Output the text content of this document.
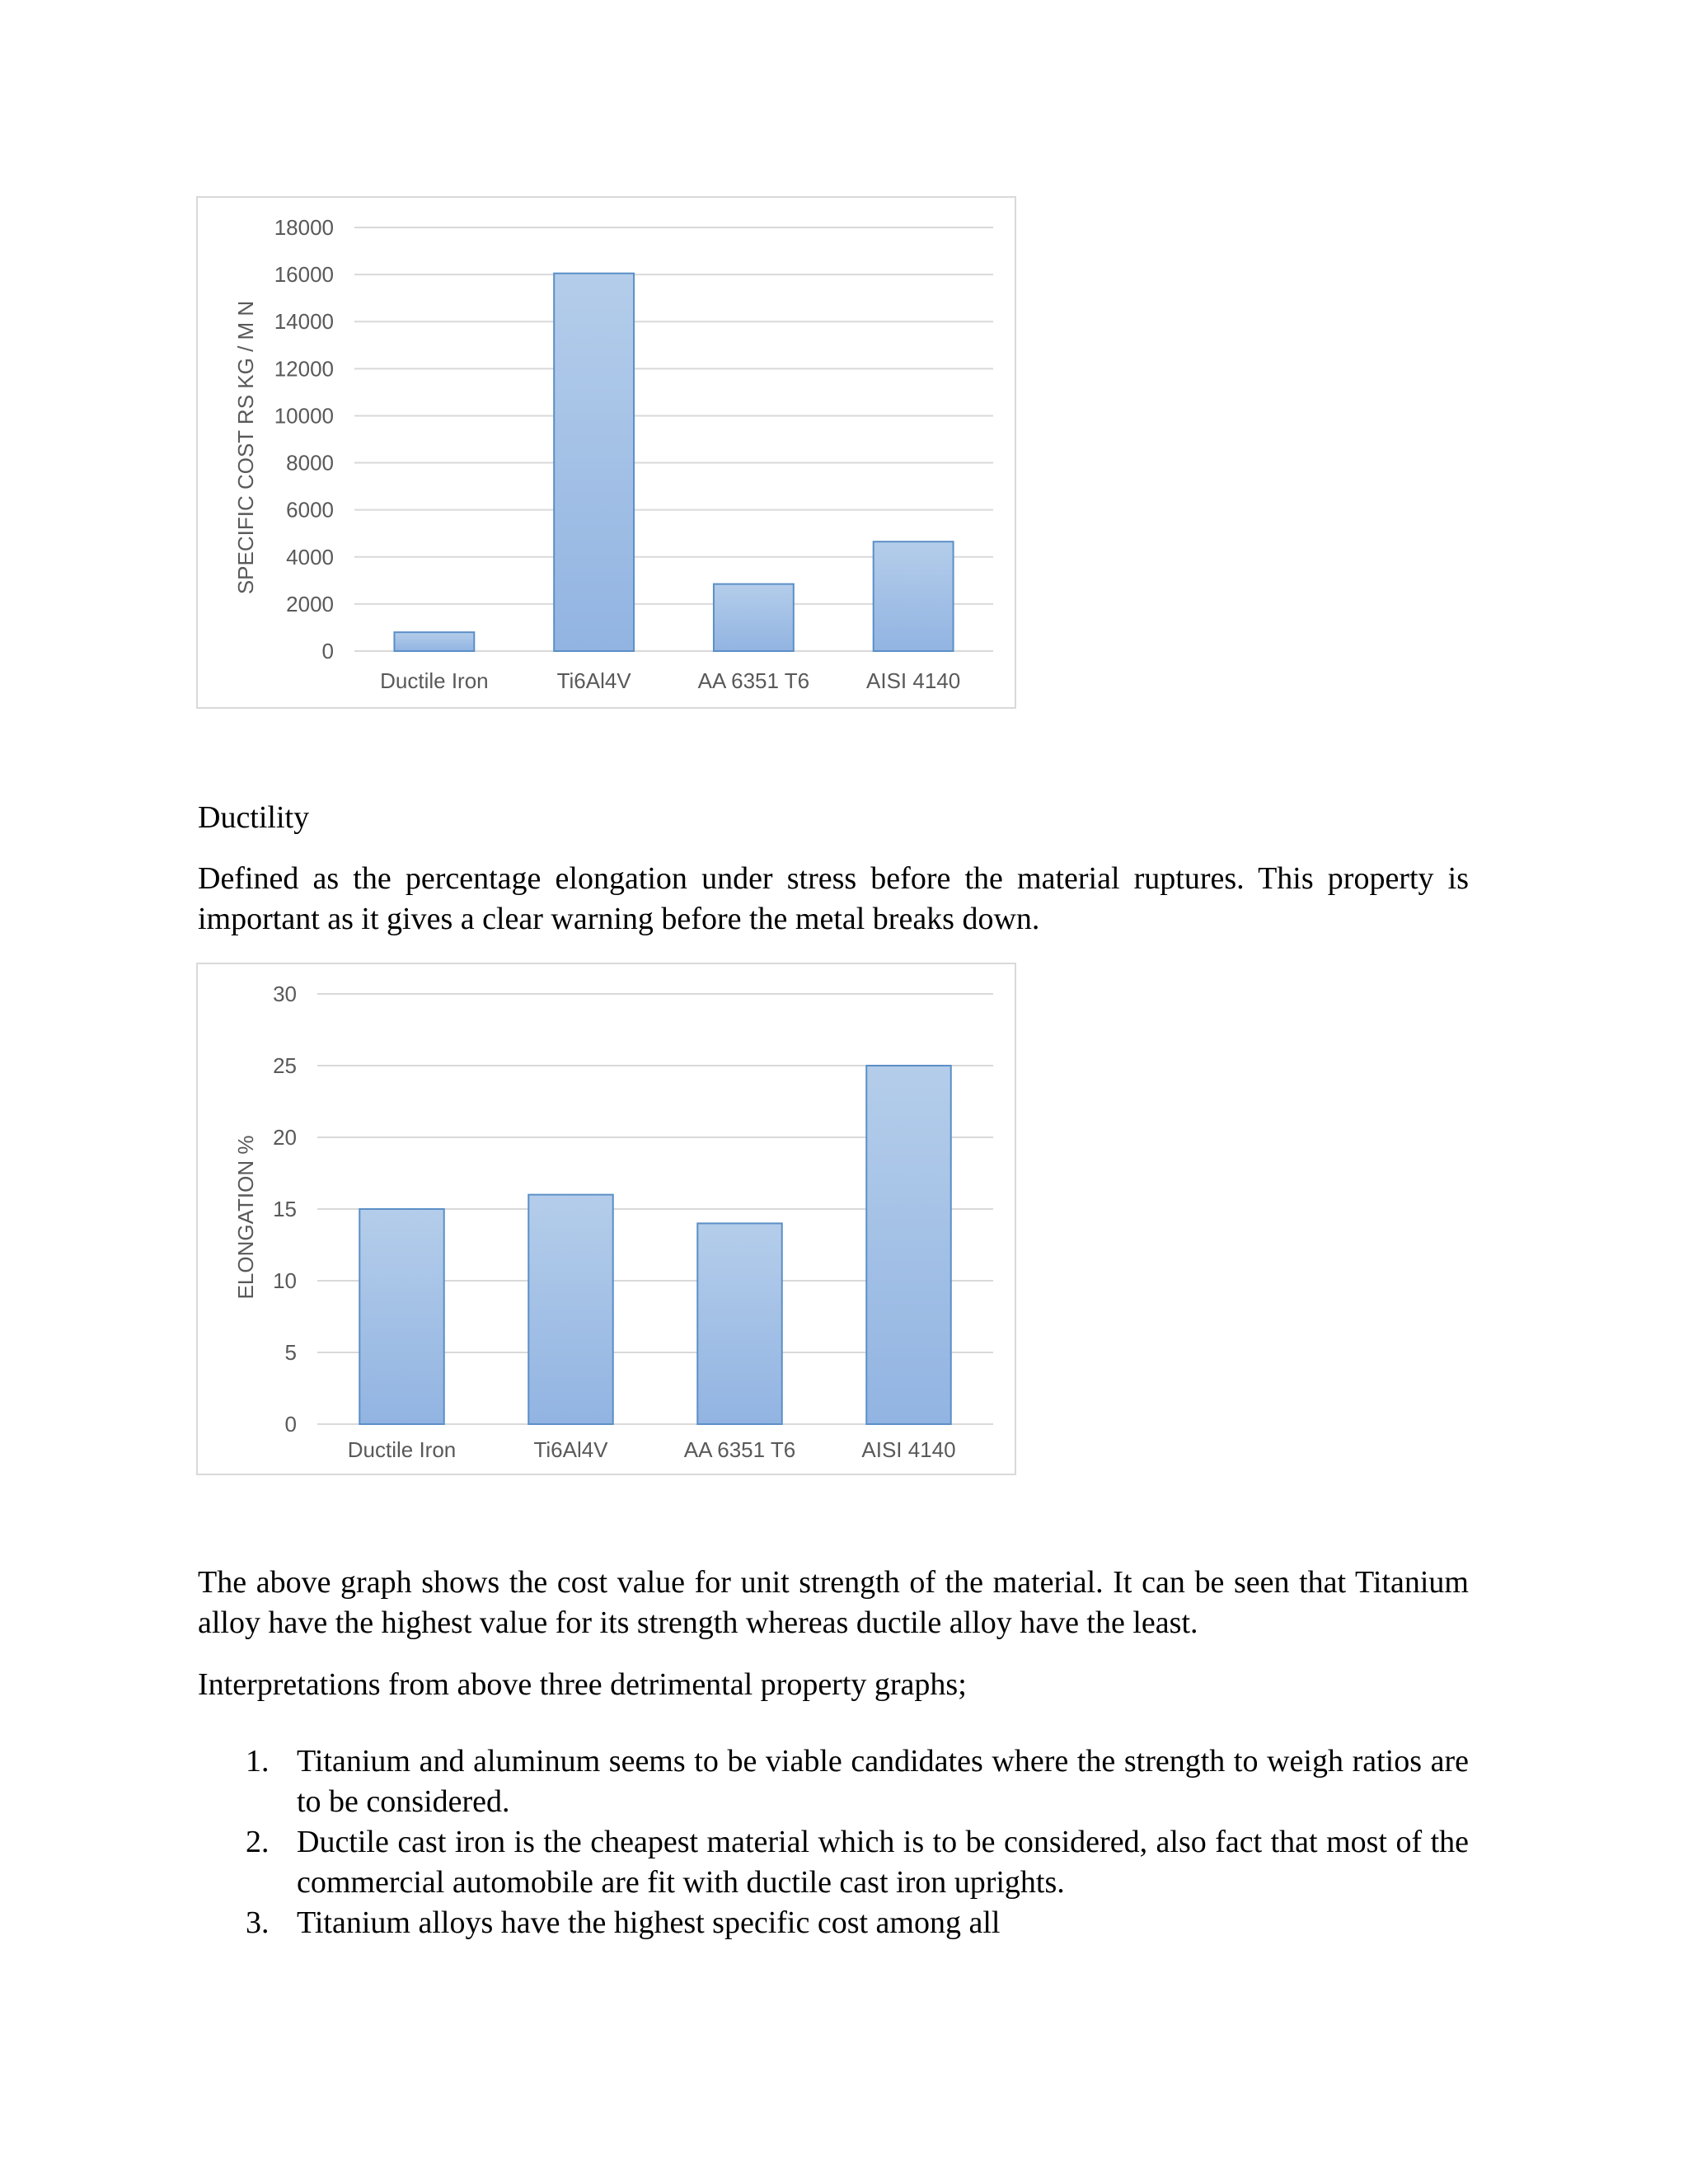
0
2000
4000
6000
8000
10000
12000
14000
16000
18000
Ductile Iron	Ti6Al4V	AA 6351 T6	AISI 4140
SPECIFIC COST RS KG / M N

Ductility

Defined as the percentage elongation under stress before the material ruptures. This property is important as it gives a clear warning before the metal breaks down.

0
5
10
15
20
25
30
Ductile Iron	Ti6Al4V	AA 6351 T6	AISI 4140
ELONGATION %

The above graph shows the cost value for unit strength of the material. It can be seen that Titanium alloy have the highest value for its strength whereas ductile alloy have the least.

Interpretations from above three detrimental property graphs;

1. Titanium and aluminum seems to be viable candidates where the strength to weigh ratios are to be considered.
2. Ductile cast iron is the cheapest material which is to be considered, also fact that most of the commercial automobile are fit with ductile cast iron uprights.
3. Titanium alloys have the highest specific cost among all
